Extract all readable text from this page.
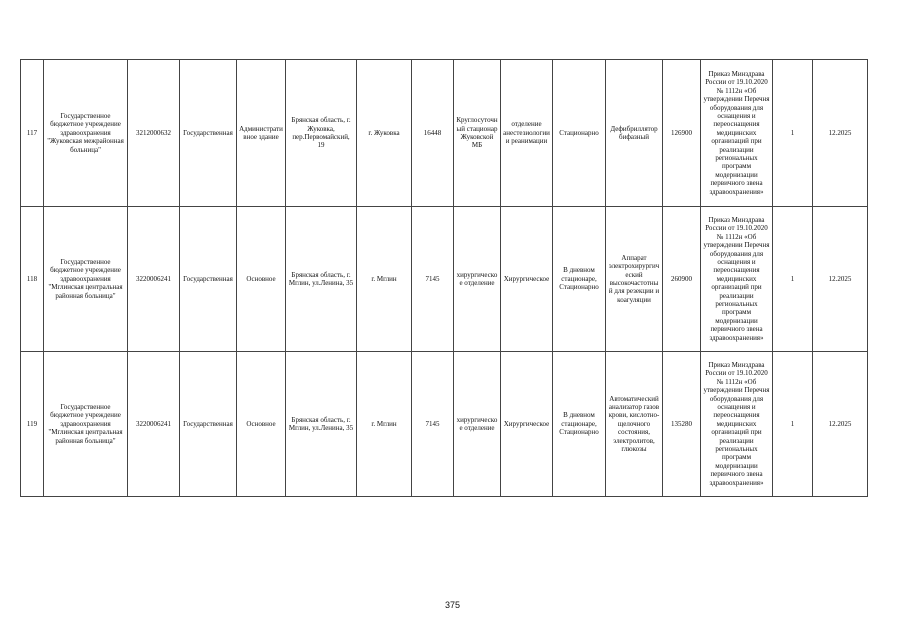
117	Государственное бюджетное учреждение здравоохранения "Жуковская межрайонная больница"	3212000632	Государственная	Административное здание	Брянская область, г. Жуковка, пер.Первомайский, 19	г. Жуковка	16448	Круглосуточный стационар Жуковской МБ	отделение анестезиологии и реанимации	Стационарно	Дефибриллятор бифазный	126900	Приказ Минздрава России от 19.10.2020 № 1112н «Об утверждении Перечня оборудования для оснащения и переоснащения медицинских организаций при реализации региональных программ модернизации первичного звена здравоохранения»	1	12.2025
118	Государственное бюджетное учреждение здравоохранения "Мглинская центральная районная больница"	3220006241	Государственная	Основное	Брянская область, г. Мглин, ул.Ленина, 35	г. Мглин	7145	хирургическое отделение	Хирургическое	В дневном стационаре, Стационарно	Аппарат электрохирургический высокочастотный для резекции и коагуляции	260900	Приказ Минздрава России от 19.10.2020 № 1112н «Об утверждении Перечня оборудования для оснащения и переоснащения медицинских организаций при реализации региональных программ модернизации первичного звена здравоохранения»	1	12.2025
119	Государственное бюджетное учреждение здравоохранения "Мглинская центральная районная больница"	3220006241	Государственная	Основное	Брянская область, г. Мглин, ул.Ленина, 35	г. Мглин	7145	хирургическое отделение	Хирургическое	В дневном стационаре, Стационарно	Автоматический анализатор газов крови, кислотно-щелочного состояния, электролитов, глюкозы	135280	Приказ Минздрава России от 19.10.2020 № 1112н «Об утверждении Перечня оборудования для оснащения и переоснащения медицинских организаций при реализации региональных программ модернизации первичного звена здравоохранения»	1	12.2025
375
